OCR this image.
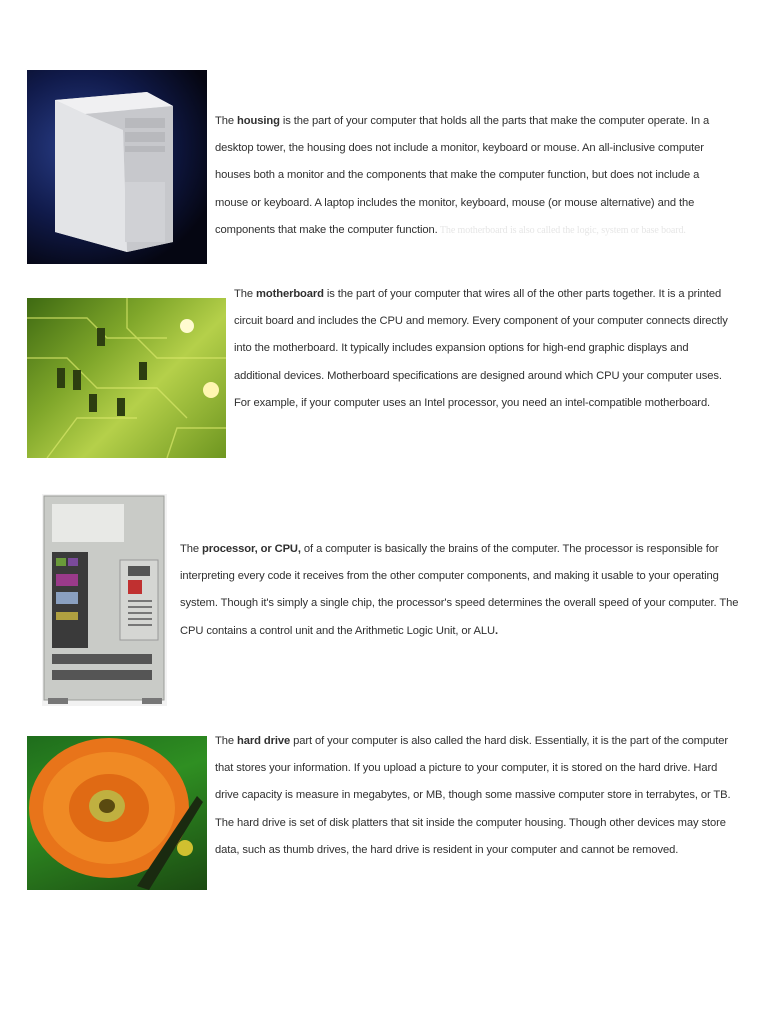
The housing is the part of your computer that holds all the parts that make the computer operate. In a desktop tower, the housing does not include a monitor, keyboard or mouse. An all-inclusive computer houses both a monitor and the components that make the computer function, but does not include a mouse or keyboard. A laptop includes the monitor, keyboard, mouse (or mouse alternative) and the components that make the computer function. The motherboard is also called the logic, system or base board.
The motherboard is the part of your computer that wires all of the other parts together. It is a printed circuit board and includes the CPU and memory. Every component of your computer connects directly into the motherboard. It typically includes expansion options for high-end graphic displays and additional devices. Motherboard specifications are designed around which CPU your computer uses. For example, if your computer uses an Intel processor, you need an intel-compatible motherboard.
The processor, or CPU, of a computer is basically the brains of the computer. The processor is responsible for interpreting every code it receives from the other computer components, and making it usable to your operating system. Though it's simply a single chip, the processor's speed determines the overall speed of your computer. The CPU contains a control unit and the Arithmetic Logic Unit, or ALU.
The hard drive part of your computer is also called the hard disk. Essentially, it is the part of the computer that stores your information. If you upload a picture to your computer, it is stored on the hard drive. Hard drive capacity is measure in megabytes, or MB, though some massive computer store in terrabytes, or TB. The hard drive is set of disk platters that sit inside the computer housing. Though other devices may store data, such as thumb drives, the hard drive is resident in your computer and cannot be removed.
